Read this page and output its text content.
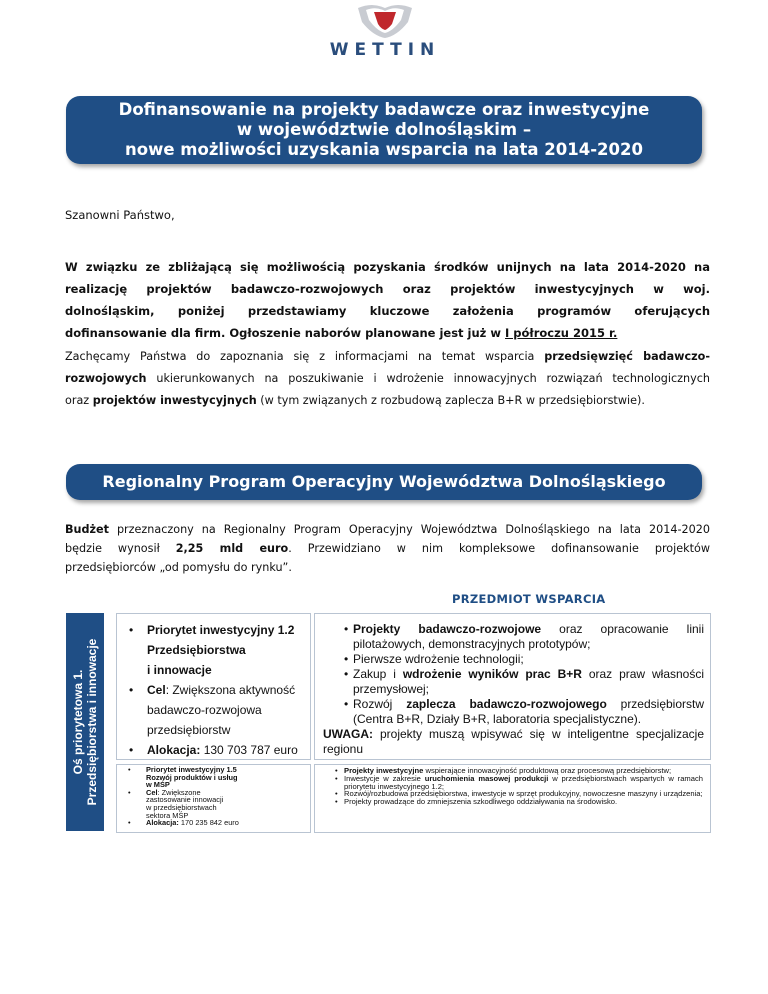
WETTIN
Dofinansowanie na projekty badawcze oraz inwestycyjne
w województwie dolnośląskim –
nowe możliwości uzyskania wsparcia na lata 2014-2020
Szanowni Państwo,
W związku ze zbliżającą się możliwością pozyskania środków unijnych na lata 2014-2020 na
realizację projektów badawczo-rozwojowych oraz projektów inwestycyjnych w woj.
dolnośląskim, poniżej przedstawiamy kluczowe założenia programów oferujących
dofinansowanie dla firm. Ogłoszenie naborów planowane jest już w I półroczu 2015 r.
Zachęcamy Państwa do zapoznania się z informacjami na temat wsparcia przedsięwzięć badawczo-
rozwojowych ukierunkowanych na poszukiwanie i wdrożenie innowacyjnych rozwiązań technologicznych
oraz projektów inwestycyjnych (w tym związanych z rozbudową zaplecza B+R w przedsiębiorstwie).
Regionalny Program Operacyjny Województwa Dolnośląskiego
Budżet przeznaczony na Regionalny Program Operacyjny Województwa Dolnośląskiego na lata 2014-2020
będzie wynosił 2,25 mld euro. Przewidziano w nim kompleksowe dofinansowanie projektów
przedsiębiorców „od pomysłu do rynku”.
PRZEDMIOT WSPARCIA
Oś priorytetowa 1. Przedsiębiorstwa i innowacje
• Priorytet inwestycyjny 1.2
Przedsiębiorstwa
i innowacje
• Cel: Zwiększona aktywność
badawczo-rozwojowa
przedsiębiorstw
• Alokacja: 130 703 787 euro
• Projekty badawczo-rozwojowe oraz opracowanie linii pilotażowych, demonstracyjnych prototypów;
• Pierwsze wdrożenie technologii;
• Zakup i wdrożenie wyników prac B+R oraz praw własności przemysłowej;
• Rozwój zaplecza badawczo-rozwojowego przedsiębiorstw (Centra B+R, Działy B+R, laboratoria specjalistyczne).
UWAGA: projekty muszą wpisywać się w inteligentne specjalizacje regionu
• Priorytet inwestycyjny 1.5
Rozwój produktów i usług
w MŚP
• Cel: Zwiększone
zastosowanie innowacji
w przedsiębiorstwach
sektora MŚP
• Alokacja: 170 235 842 euro
• Projekty inwestycyjne wspierające innowacyjność produktową oraz procesową przedsiębiorstw;
• Inwestycje w zakresie uruchomienia masowej produkcji w przedsiębiorstwach wspartych w ramach priorytetu inwestycyjnego 1.2;
• Rozwój/rozbudowa przedsiębiorstwa, inwestycje w sprzęt produkcyjny, nowoczesne maszyny i urządzenia;
• Projekty prowadzące do zmniejszenia szkodliwego oddziaływania na środowisko.
